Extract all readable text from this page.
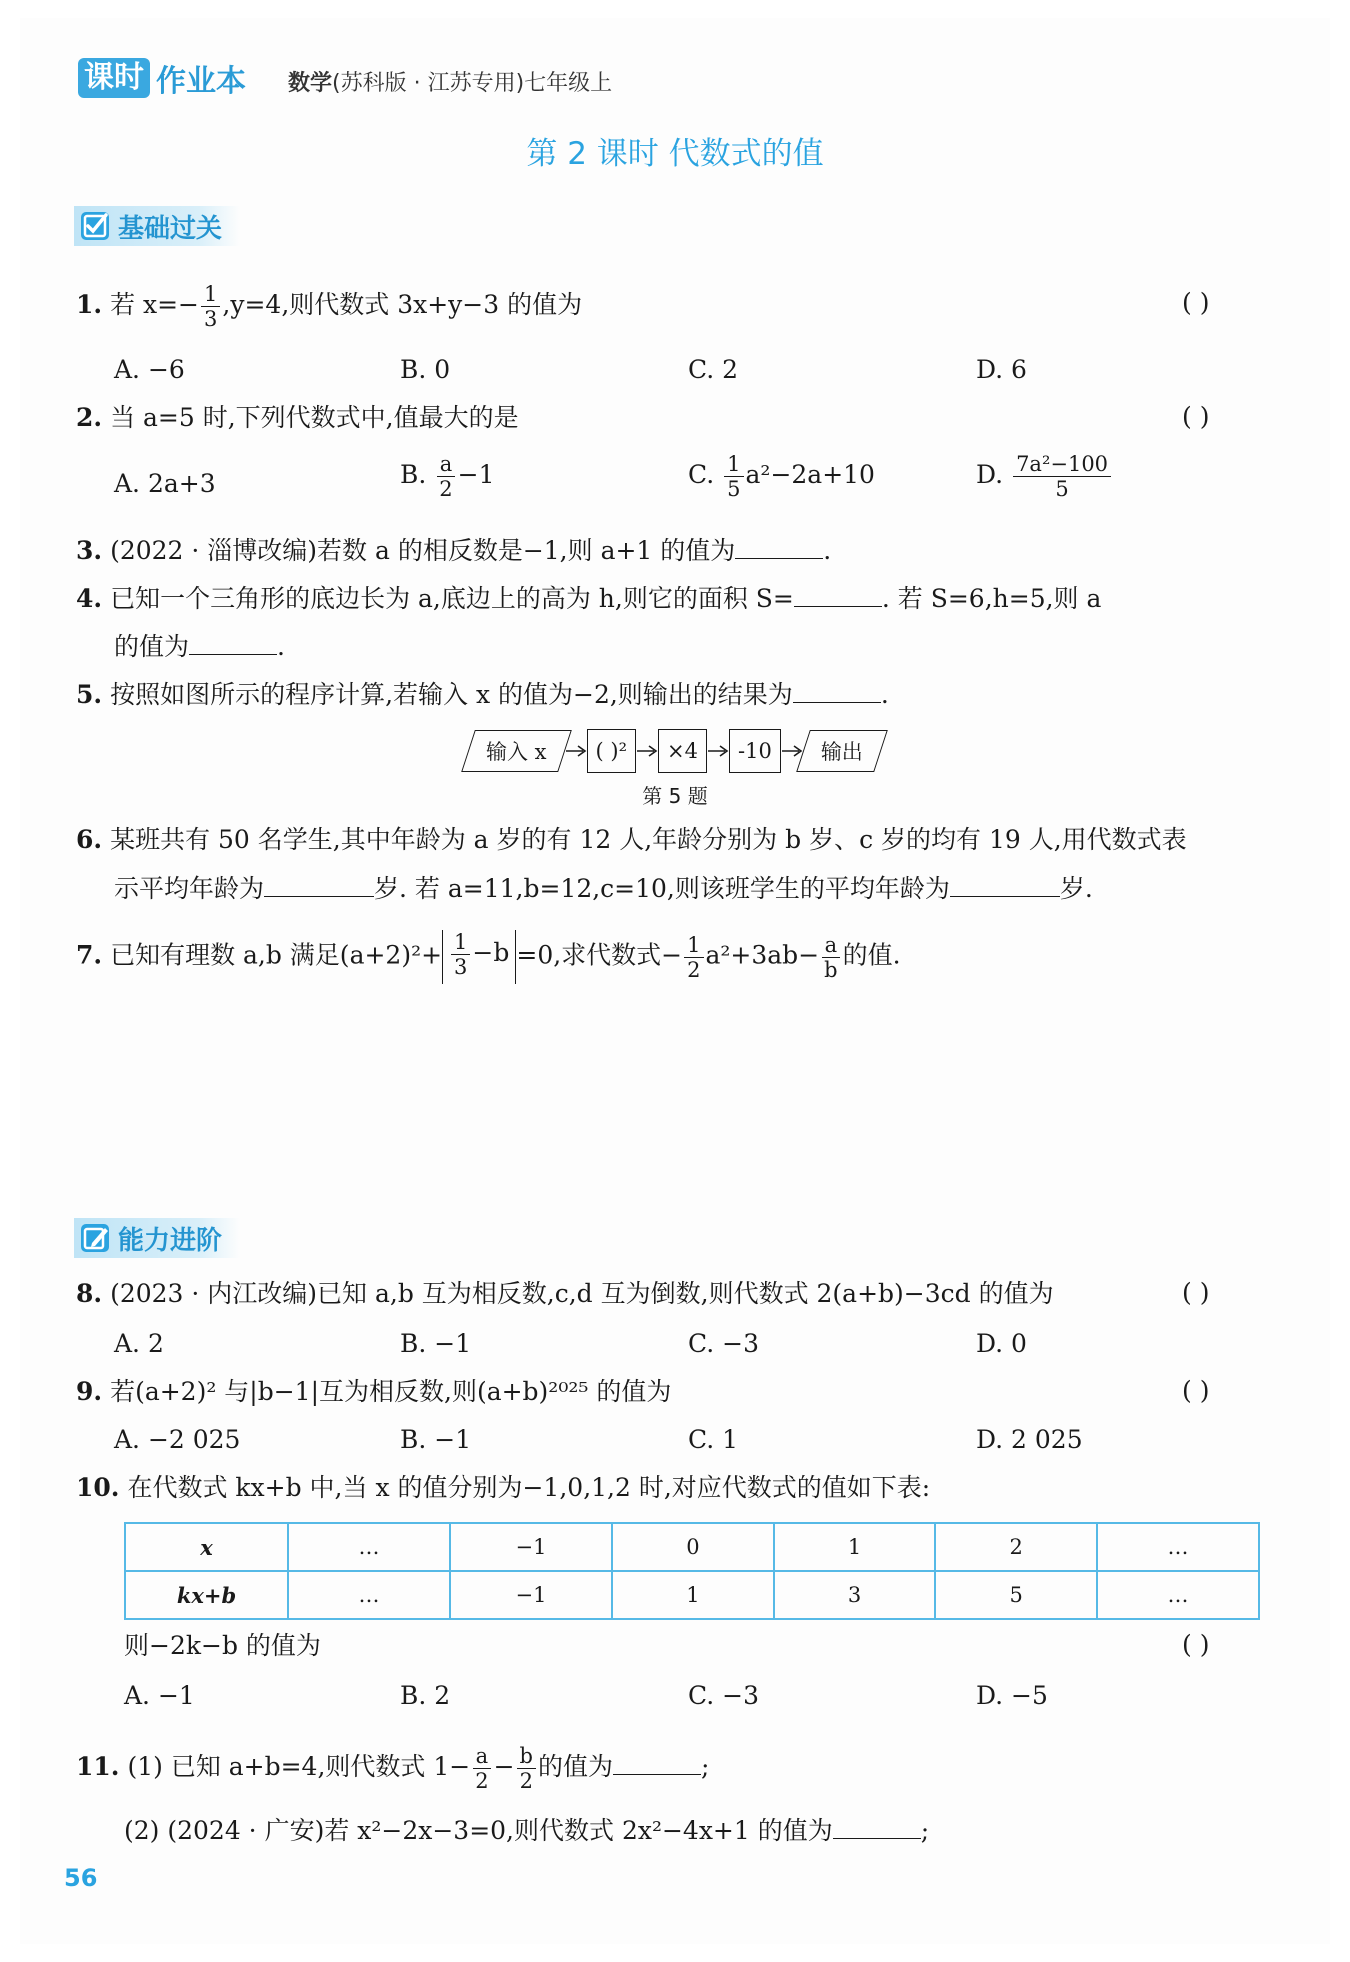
课时 作业本 数学(苏科版 · 江苏专用)七年级上
第 2 课时 代数式的值
基础过关
1. 若 $x=- \frac{1}{3} ,y=4$,则代数式 3x+y−3 的值为	( )
A. −6	B. 0	C. 2	D. 6
2. 当 a=5 时,下列代数式中,值最大的是	( )
A. 2a+3	B. $\frac{a}{2} -1$	C. $\frac{1}{5} a^2-2a+10$	D. $\frac{\text{7a²−100}}{5}$
3. (2022 · 淄博改编)若数 a 的相反数是−1,则 a+1 的值为	.
4. 已知一个三角形的底边长为 a,底边上的高为 h,则它的面积 S=	. 若 S=6,h=5,则 a
的值为	.
5. 按照如图所示的程序计算,若输入 x 的值为−2,则输出的结果为	.
输入 x	( )²	×4	-10	输出
第 5 题
6. 某班共有 50 名学生,其中年龄为 a 岁的有 12 人,年龄分别为 b 岁、c 岁的均有 19 人,用代数式表
示平均年龄为	岁. 若 a=11,b=12,c=10,则该班学生的平均年龄为	岁.
7. 已知有理数 a,b 满足$(a+2)^2+ \frac{1}{3} -b =0$,求代数式− $\frac{1}{2} a^2+3ab- \frac{a}{b}$ 的值.
能力进阶
8. (2023 · 内江改编)已知 a,b 互为相反数,c,d 互为倒数,则代数式 2(a+b)−3cd 的值为	( )
A. 2	B. −1	C. −3	D. 0
9. 若(a+2)² 与|b−1|互为相反数,则(a+b)²⁰²⁵ 的值为	( )
A. −2 025	B. −1	C. 1	D. 2 025
10. 在代数式 kx+b 中,当 x 的值分别为−1,0,1,2 时,对应代数式的值如下表:
x	…	−1	0	1	2	…
kx+b	…	−1	1	3	5	…
则−2k−b 的值为	( )
A. −1	B. 2	C. −3	D. −5
11. (1) 已知 a+b=4,则代数式 $1- \frac{a}{2} - \frac{b}{2}$ 的值为	;
(2) (2024 · 广安)若 x²−2x−3=0,则代数式 2x²−4x+1 的值为	;
56
